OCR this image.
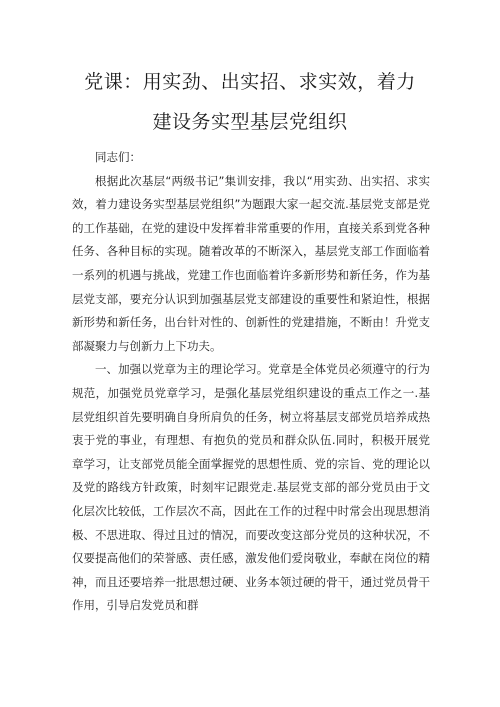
党课：用实劲、出实招、求实效，着力
建设务实型基层党组织

同志们：

根据此次基层“两级书记”集训安排，我以“用实劲、出实招、求实效，着力建设务实型基层党组织”为题跟大家一起交流.基层党支部是党的工作基础，在党的建设中发挥着非常重要的作用，直接关系到党各种任务、各种目标的实现。随着改革的不断深入，基层党支部工作面临着一系列的机遇与挑战，党建工作也面临着许多新形势和新任务，作为基层党支部，要充分认识到加强基层党支部建设的重要性和紧迫性，根据新形势和新任务，出台针对性的、创新性的党建措施，不断由！升党支部凝聚力与创新力上下功夫。

一、加强以党章为主的理论学习。党章是全体党员必须遵守的行为规范，加强党员党章学习，是强化基层党组织建设的重点工作之一.基层党组织首先要明确自身所肩负的任务，树立将基层支部党员培养成热衷于党的事业，有理想、有抱负的党员和群众队伍.同时，积极开展党章学习，让支部党员能全面掌握党的思想性质、党的宗旨、党的理论以及党的路线方针政策，时刻牢记跟党走.基层党支部的部分党员由于文化层次比较低，工作层次不高，因此在工作的过程中时常会出现思想消极、不思进取、得过且过的情况，而要改变这部分党员的这种状况，不仅要提高他们的荣誉感、责任感，激发他们爱岗敬业，奉献在岗位的精神，而且还要培养一批思想过硬、业务本领过硬的骨干，通过党员骨干作用，引导启发党员和群
